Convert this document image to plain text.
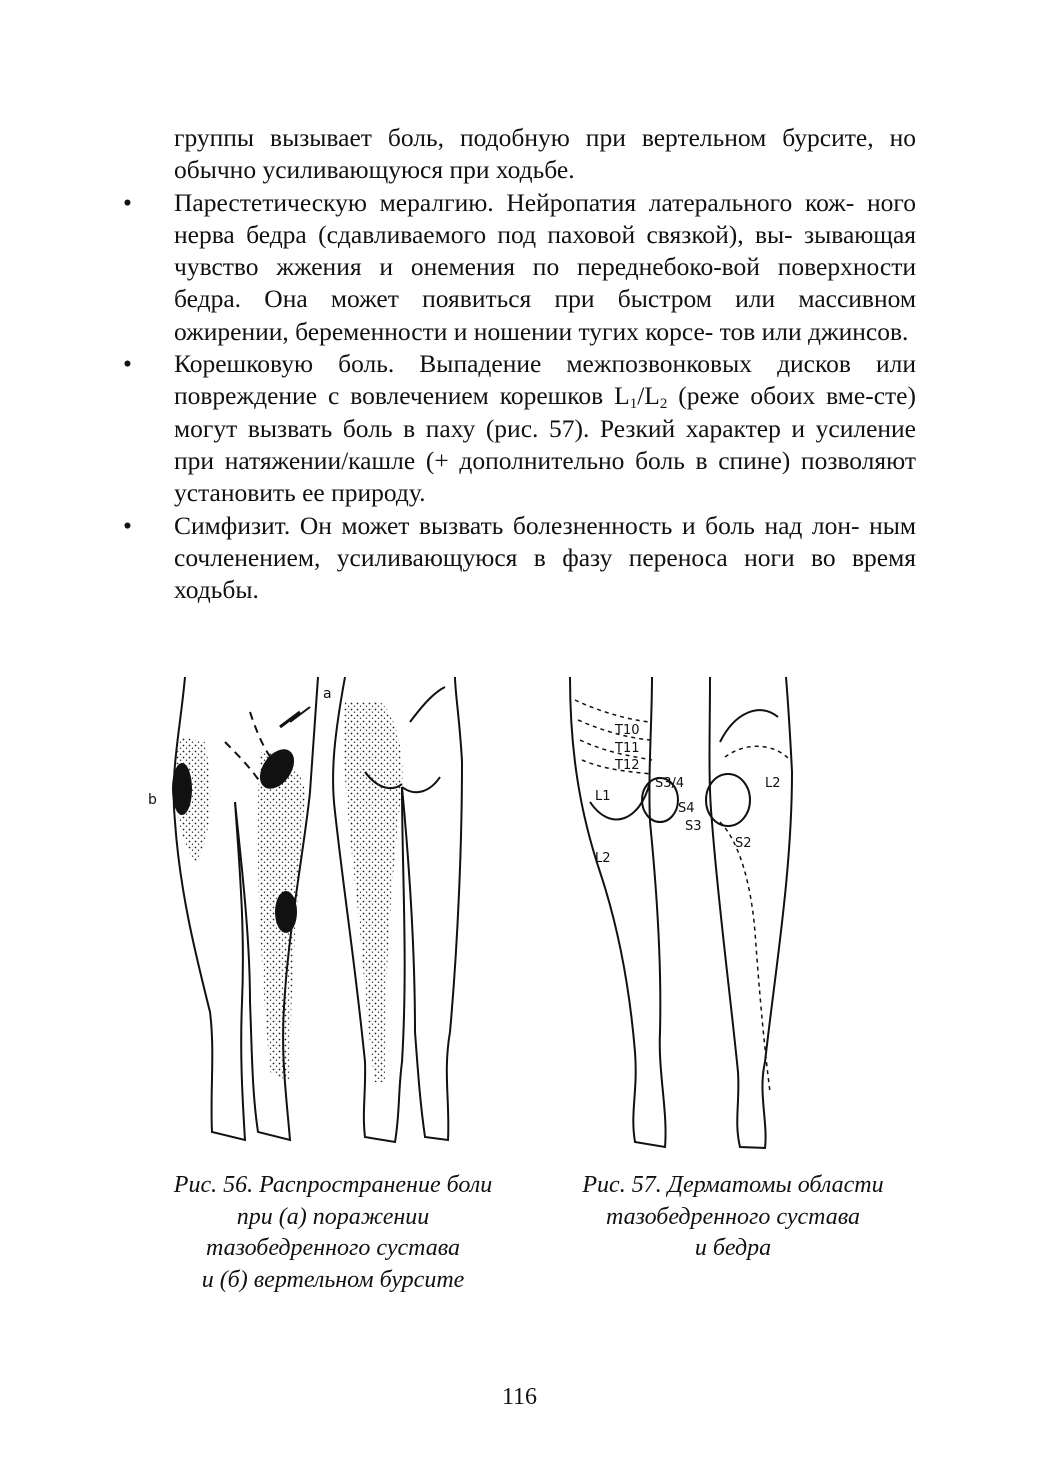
группы вызывает боль, подобную при вертельном бурсите, но обычно усиливающуюся при ходьбе.

• Парестетическую мералгию. Нейропатия латерального кож- ного нерва бедра (сдавливаемого под паховой связкой), вы- зывающая чувство жжения и онемения по переднебоко-вой поверхности бедра. Она может появиться при быстром или массивном ожирении, беременности и ношении тугих корсе- тов или джинсов.

• Корешковую боль. Выпадение межпозвонковых дисков или повреждение с вовлечением корешков $L_1/L_2$ (реже обоих вме-сте) могут вызвать боль в паху (рис. 57). Резкий характер и усиление при натяжении/кашле (+ дополнительно боль в спине) позволяют установить ее природу.

• Симфизит. Он может вызвать болезненность и боль над лон- ным сочленением, усиливающуюся в фазу переноса ноги во время ходьбы.

a
b
T10
T11
T12
L1
L2
S3/4
S4
S3
L2
S2
Рис. 56. Распространение боли
при (а) поражении
тазобедренного сустава
и (б) вертельном бурсите
Рис. 57. Дерматомы области
тазобедренного сустава
и бедра
116
